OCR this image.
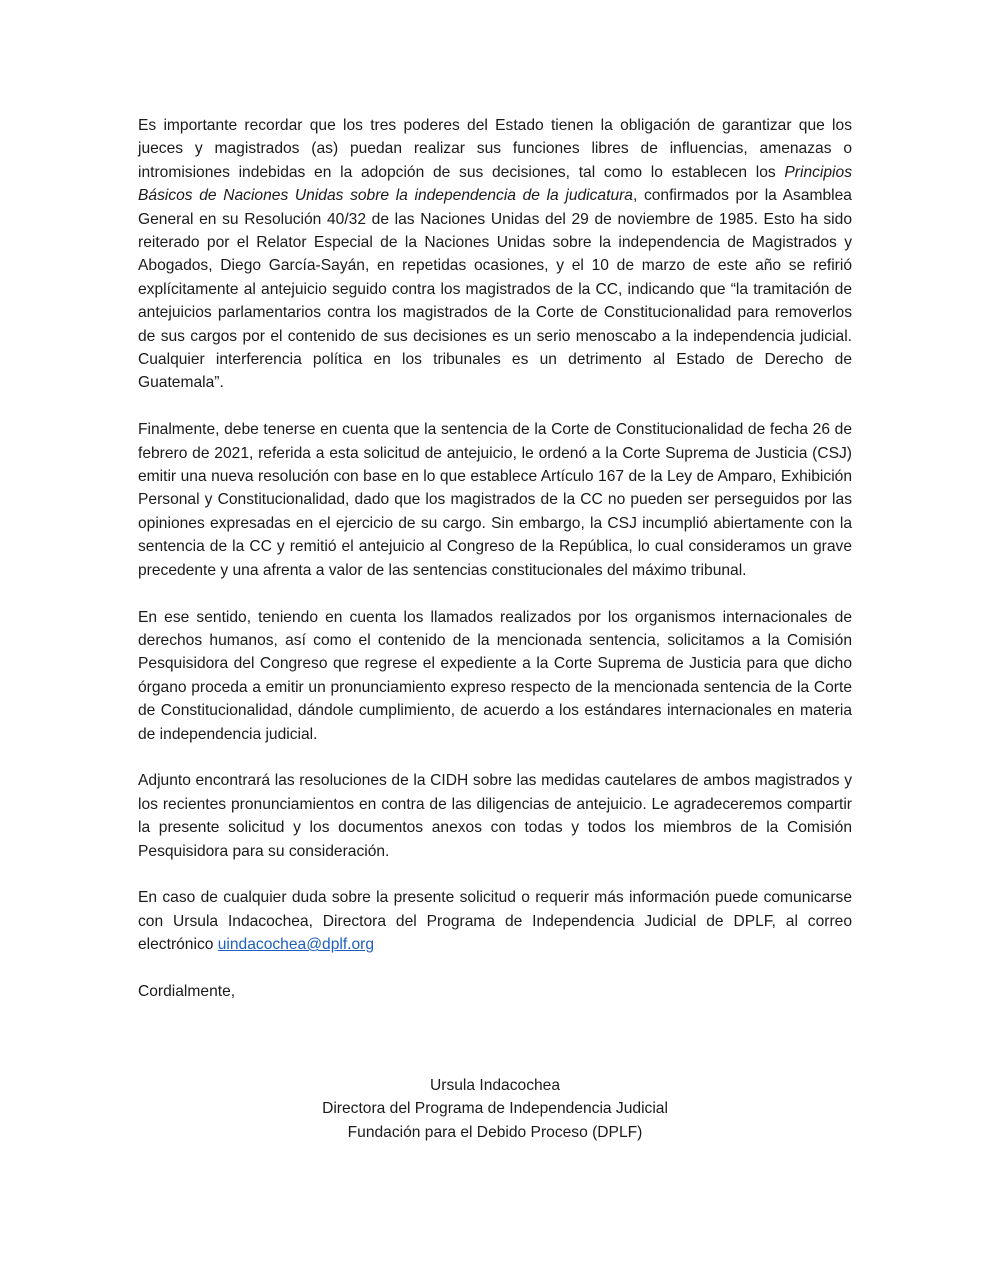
Es importante recordar que los tres poderes del Estado tienen la obligación de garantizar que los jueces y magistrados (as) puedan realizar sus funciones libres de influencias, amenazas o intromisiones indebidas en la adopción de sus decisiones, tal como lo establecen los Principios Básicos de Naciones Unidas sobre la independencia de la judicatura, confirmados por la Asamblea General en su Resolución 40/32 de las Naciones Unidas del 29 de noviembre de 1985. Esto ha sido reiterado por el Relator Especial de la Naciones Unidas sobre la independencia de Magistrados y Abogados, Diego García-Sayán, en repetidas ocasiones, y el 10 de marzo de este año se refirió explícitamente al antejuicio seguido contra los magistrados de la CC, indicando que “la tramitación de antejuicios parlamentarios contra los magistrados de la Corte de Constitucionalidad para removerlos de sus cargos por el contenido de sus decisiones es un serio menoscabo a la independencia judicial. Cualquier interferencia política en los tribunales es un detrimento al Estado de Derecho de Guatemala”.

Finalmente, debe tenerse en cuenta que la sentencia de la Corte de Constitucionalidad de fecha 26 de febrero de 2021, referida a esta solicitud de antejuicio, le ordenó a la Corte Suprema de Justicia (CSJ) emitir una nueva resolución con base en lo que establece Artículo 167 de la Ley de Amparo, Exhibición Personal y Constitucionalidad, dado que los magistrados de la CC no pueden ser perseguidos por las opiniones expresadas en el ejercicio de su cargo. Sin embargo, la CSJ incumplió abiertamente con la sentencia de la CC y remitió el antejuicio al Congreso de la República, lo cual consideramos un grave precedente y una afrenta a valor de las sentencias constitucionales del máximo tribunal.

En ese sentido, teniendo en cuenta los llamados realizados por los organismos internacionales de derechos humanos, así como el contenido de la mencionada sentencia, solicitamos a la Comisión Pesquisidora del Congreso que regrese el expediente a la Corte Suprema de Justicia para que dicho órgano proceda a emitir un pronunciamiento expreso respecto de la mencionada sentencia de la Corte de Constitucionalidad, dándole cumplimiento, de acuerdo a los estándares internacionales en materia de independencia judicial.

Adjunto encontrará las resoluciones de la CIDH sobre las medidas cautelares de ambos magistrados y los recientes pronunciamientos en contra de las diligencias de antejuicio. Le agradeceremos compartir la presente solicitud y los documentos anexos con todas y todos los miembros de la Comisión Pesquisidora para su consideración.

En caso de cualquier duda sobre la presente solicitud o requerir más información puede comunicarse con Ursula Indacochea, Directora del Programa de Independencia Judicial de DPLF, al correo electrónico uindacochea@dplf.org

Cordialmente,

Ursula Indacochea
Directora del Programa de Independencia Judicial
Fundación para el Debido Proceso (DPLF)
